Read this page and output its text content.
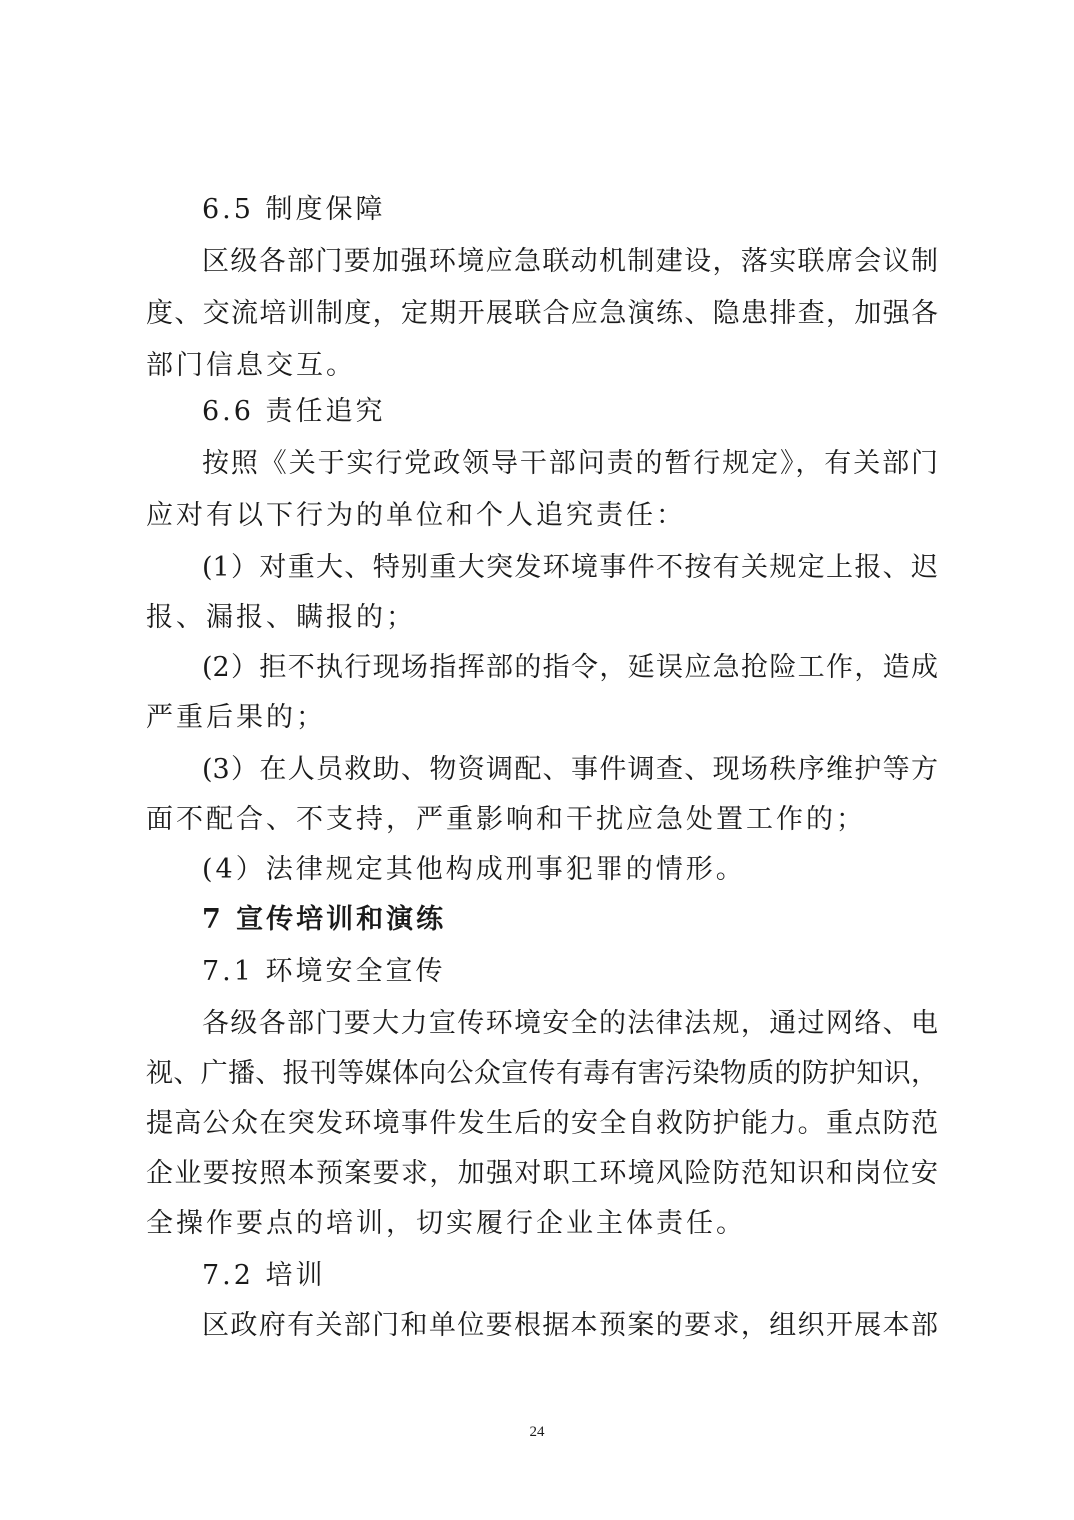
6.5 制度保障
区级各部门要加强环境应急联动机制建设，落实联席会议制
度、交流培训制度，定期开展联合应急演练、隐患排查，加强各
部门信息交互。
6.6 责任追究
按照《关于实行党政领导干部问责的暂行规定》，有关部门
应对有以下行为的单位和个人追究责任：
(1）对重大、特别重大突发环境事件不按有关规定上报、迟
报、漏报、瞒报的；
(2）拒不执行现场指挥部的指令，延误应急抢险工作，造成
严重后果的；
(3）在人员救助、物资调配、事件调查、现场秩序维护等方
面不配合、不支持，严重影响和干扰应急处置工作的；
(4）法律规定其他构成刑事犯罪的情形。
7 宣传培训和演练
7.1 环境安全宣传
各级各部门要大力宣传环境安全的法律法规，通过网络、电
视、广播、报刊等媒体向公众宣传有毒有害污染物质的防护知识，
提高公众在突发环境事件发生后的安全自救防护能力。重点防范
企业要按照本预案要求，加强对职工环境风险防范知识和岗位安
全操作要点的培训，切实履行企业主体责任。
7.2 培训
区政府有关部门和单位要根据本预案的要求，组织开展本部
24
